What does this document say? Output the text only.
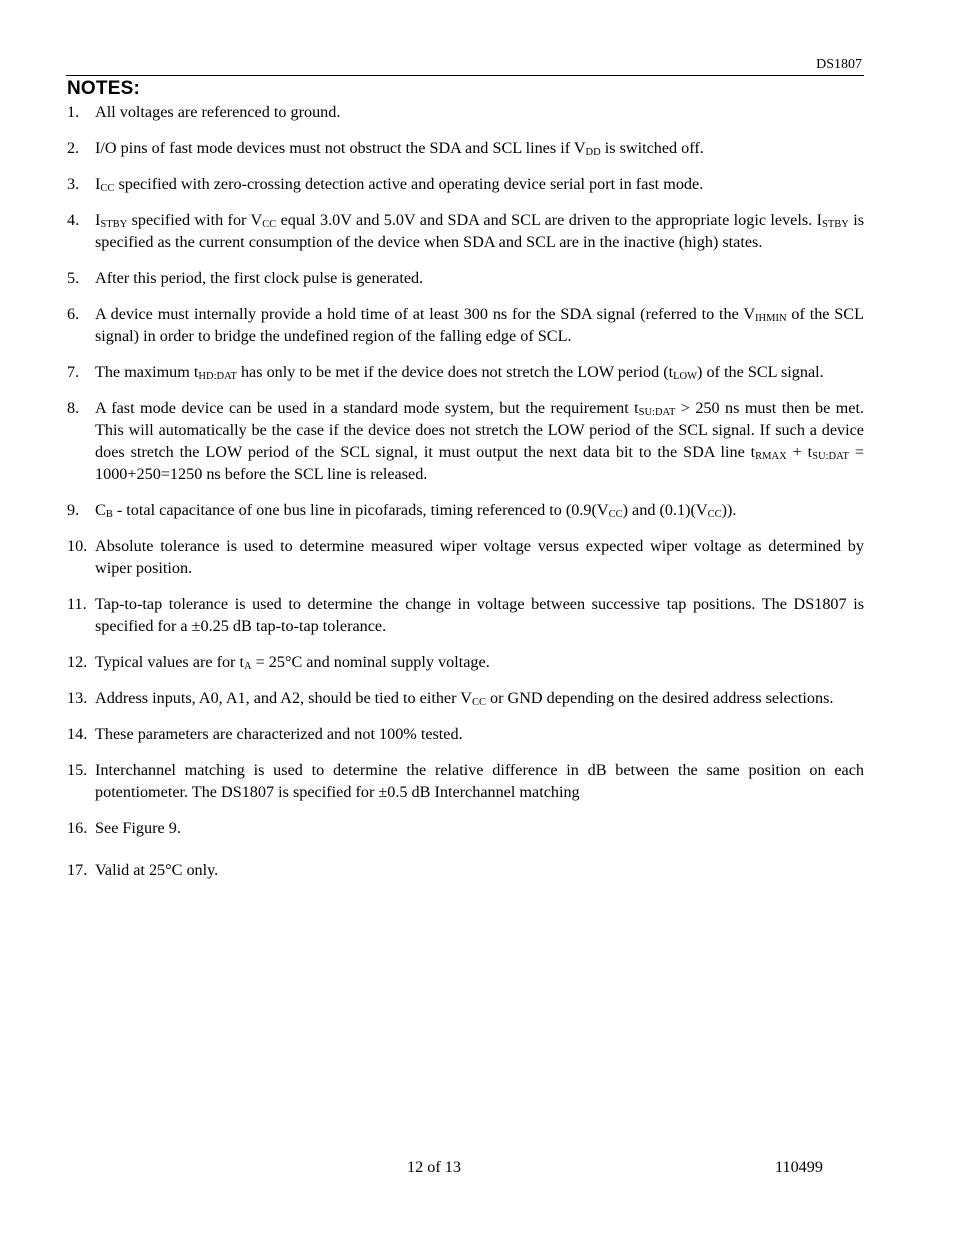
DS1807
NOTES:
1. All voltages are referenced to ground.
2. I/O pins of fast mode devices must not obstruct the SDA and SCL lines if $V_{DD}$ is switched off.
3. $I_{CC}$ specified with zero-crossing detection active and operating device serial port in fast mode.
4. $I_{STBY}$ specified with for $V_{CC}$ equal 3.0V and 5.0V and SDA and SCL are driven to the appropriate logic levels. $I_{STBY}$ is specified as the current consumption of the device when SDA and SCL are in the inactive (high) states.
5. After this period, the first clock pulse is generated.
6. A device must internally provide a hold time of at least 300 ns for the SDA signal (referred to the $V_{IHMIN}$ of the SCL signal) in order to bridge the undefined region of the falling edge of SCL.
7. The maximum $t_{HD:DAT}$ has only to be met if the device does not stretch the LOW period $(t_{LOW})$ of the SCL signal.
8. A fast mode device can be used in a standard mode system, but the requirement $t_{SU:DAT} > 250$ ns must then be met. This will automatically be the case if the device does not stretch the LOW period of the SCL signal. If such a device does stretch the LOW period of the SCL signal, it must output the next data bit to the SDA line $t_{RMAX} + t_{SU:DAT} = 1000+250=1250$ ns before the SCL line is released.
9. $C_B$ - total capacitance of one bus line in picofarads, timing referenced to ($0.9(V_{CC})$ and $(0.1)(V_{CC})$).
10. Absolute tolerance is used to determine measured wiper voltage versus expected wiper voltage as determined by wiper position.
11. Tap-to-tap tolerance is used to determine the change in voltage between successive tap positions. The DS1807 is specified for a ±0.25 dB tap-to-tap tolerance.
12. Typical values are for $t_A = 25^\circ C$ and nominal supply voltage.
13. Address inputs, A0, A1, and A2, should be tied to either $V_{CC}$ or GND depending on the desired address selections.
14. These parameters are characterized and not 100% tested.
15. Interchannel matching is used to determine the relative difference in dB between the same position on each potentiometer. The DS1807 is specified for ±0.5 dB Interchannel matching
16. See Figure 9.
17. Valid at 25°C only.
12 of 13	110499
